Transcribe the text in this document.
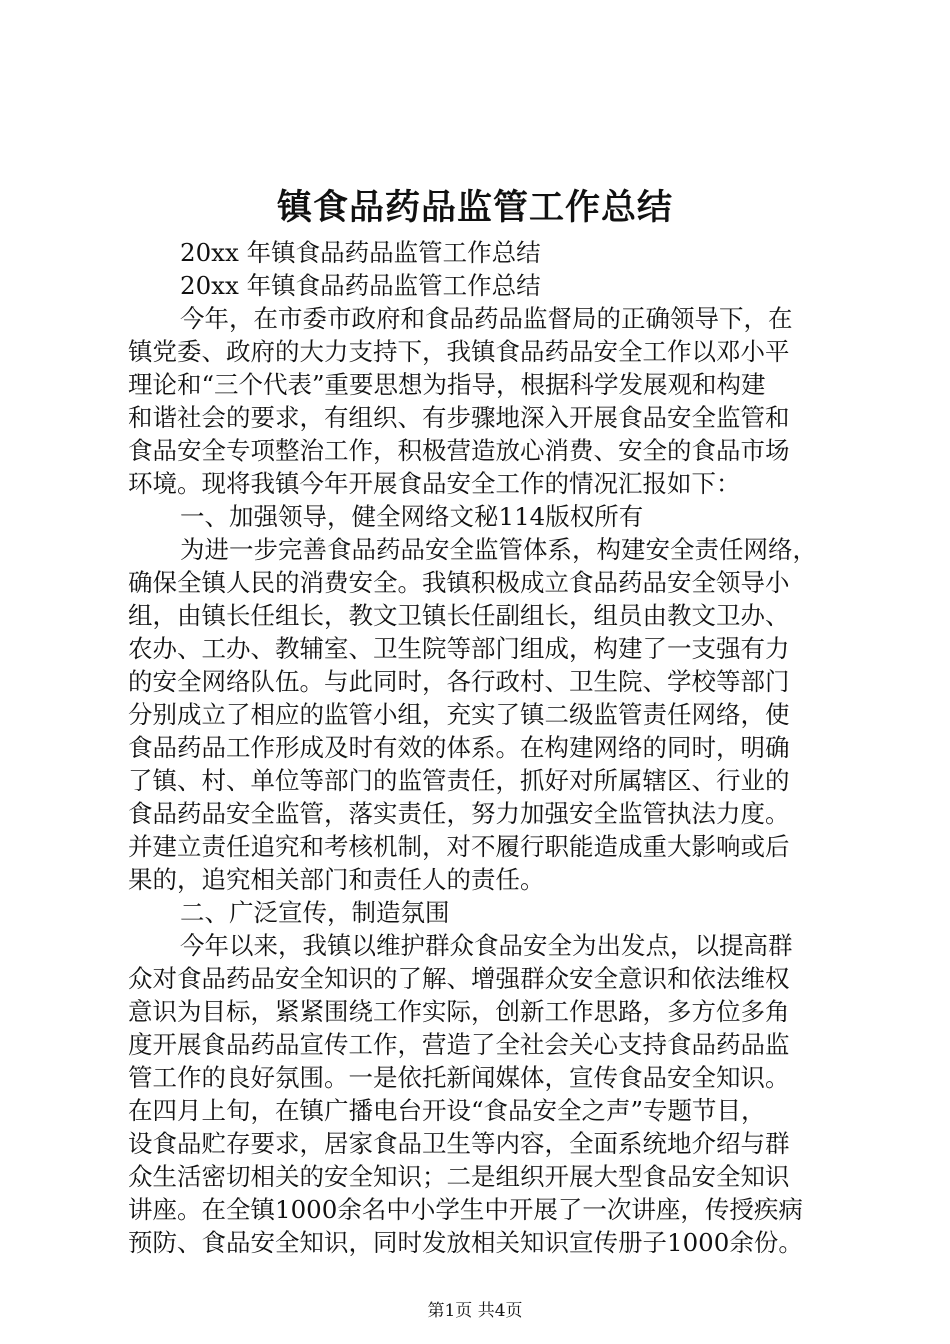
镇食品药品监管工作总结
20xx 年镇食品药品监管工作总结
20xx 年镇食品药品监管工作总结
今年，在市委市政府和食品药品监督局的正确领导下，在
镇党委、政府的大力支持下，我镇食品药品安全工作以邓小平
理论和“三个代表”重要思想为指导，根据科学发展观和构建
和谐社会的要求，有组织、有步骤地深入开展食品安全监管和
食品安全专项整治工作，积极营造放心消费、安全的食品市场
环境。现将我镇今年开展食品安全工作的情况汇报如下：
一、加强领导，健全网络文秘114版权所有
为进一步完善食品药品安全监管体系，构建安全责任网络，
确保全镇人民的消费安全。我镇积极成立食品药品安全领导小
组，由镇长任组长，教文卫镇长任副组长，组员由教文卫办、
农办、工办、教辅室、卫生院等部门组成，构建了一支强有力
的安全网络队伍。与此同时，各行政村、卫生院、学校等部门
分别成立了相应的监管小组，充实了镇二级监管责任网络，使
食品药品工作形成及时有效的体系。在构建网络的同时，明确
了镇、村、单位等部门的监管责任，抓好对所属辖区、行业的
食品药品安全监管，落实责任，努力加强安全监管执法力度。
并建立责任追究和考核机制，对不履行职能造成重大影响或后
果的，追究相关部门和责任人的责任。
二、广泛宣传，制造氛围
今年以来，我镇以维护群众食品安全为出发点，以提高群
众对食品药品安全知识的了解、增强群众安全意识和依法维权
意识为目标，紧紧围绕工作实际，创新工作思路，多方位多角
度开展食品药品宣传工作，营造了全社会关心支持食品药品监
管工作的良好氛围。一是依托新闻媒体，宣传食品安全知识。
在四月上旬，在镇广播电台开设“食品安全之声”专题节目，
设食品贮存要求，居家食品卫生等内容，全面系统地介绍与群
众生活密切相关的安全知识；二是组织开展大型食品安全知识
讲座。在全镇1000余名中小学生中开展了一次讲座，传授疾病
预防、食品安全知识，同时发放相关知识宣传册子1000余份。
第1页 共4页
